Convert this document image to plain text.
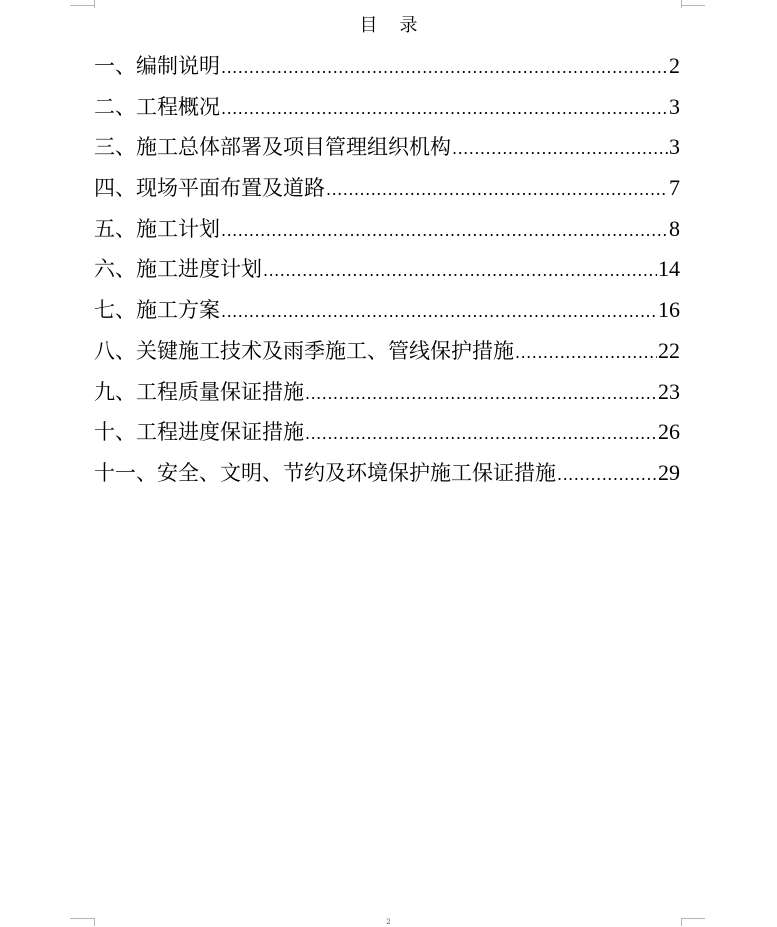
目 录
一、编制说明 .....	2
二、工程概况 .....	3
三、施工总体部署及项目管理组织机构 .....	3
四、现场平面布置及道路 .....	7
五、施工计划 .....	8
六、施工进度计划 .....	14
七、施工方案 .....	16
八、关键施工技术及雨季施工、管线保护措施 .....	22
九、工程质量保证措施 .....	23
十、工程进度保证措施 .....	26
十一、安全、文明、节约及环境保护施工保证措施 .....	29
2
